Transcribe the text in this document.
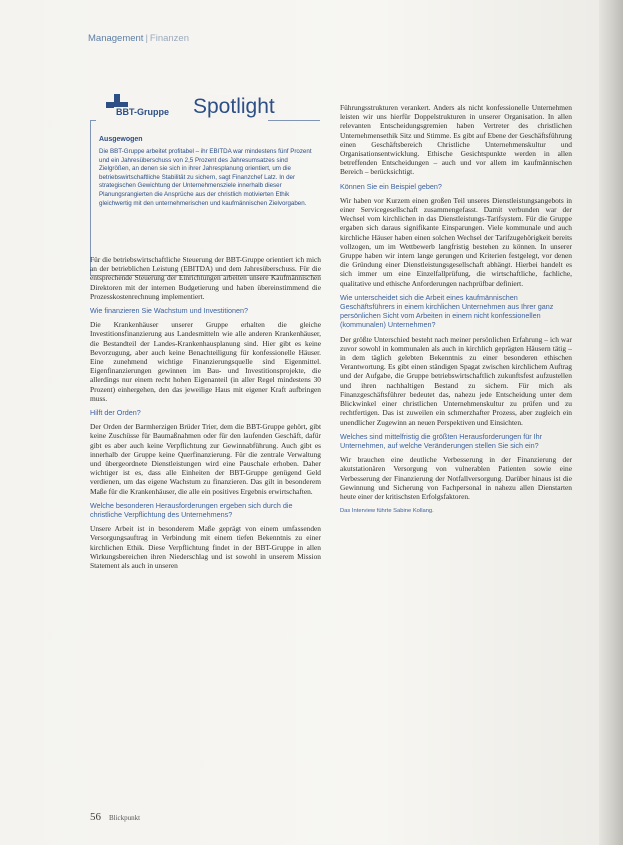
Management | Finanzen
BBT-Gruppe Spotlight
Ausgewogen
Die BBT-Gruppe arbeitet profitabel – ihr EBITDA war mindestens fünf Prozent und ein Jahresüberschuss von 2,5 Prozent des Jahresumsatzes sind Zielgrößen, an denen sie sich in ihrer Jahresplanung orientiert, um die betriebswirtschaftliche Stabilität zu sichern, sagt Finanzchef Latz. In der strategischen Gewichtung der Unternehmensziele innerhalb dieser Planungsrangierten die Ansprüche aus der christlich motivierten Ethik gleichwertig mit den unternehmerischen und kaufmännischen Zielvorgaben.

Für die betriebswirtschaftliche Steuerung der BBT-Gruppe orientiert ich mich an der betrieblichen Leistung (EBITDA) und dem Jahresüberschuss. Für die entsprechende Steuerung der Einrichtungen arbeiten unsere Kaufmännischen Direktoren mit der internen Budgetierung und haben übereinstimmend die Prozesskostenrechnung implementiert.

Wie finanzieren Sie Wachstum und Investitionen?

Die Krankenhäuser unserer Gruppe erhalten die gleiche Investitionsfinanzierung aus Landesmitteln wie alle anderen Krankenhäuser, die Bestandteil der Landes-Krankenhausplanung sind. Hier gibt es keine Bevorzugung, aber auch keine Benachteiligung für konfessionelle Häuser. Eine zunehmend wichtige Finanzierungsquelle sind Eigenmittel. Eigenfinanzierungen gewinnen im Bau- und Investitionsprojekte, die allerdings nur einem recht hohen Eigenanteil (in aller Regel mindestens 30 Prozent) einhergehen, den das jeweilige Haus mit eigener Kraft aufbringen muss.

Hilft der Orden?

Der Orden der Barmherzigen Brüder Trier, dem die BBT-Gruppe gehört, gibt keine Zuschüsse für Baumaßnahmen oder für den laufenden Geschäft, dafür gibt es aber auch keine Verpflichtung zur Gewinnabführung. Auch gibt es innerhalb der Gruppe keine Querfinanzierung. Für die zentrale Verwaltung und übergeordnete Dienstleistungen wird eine Pauschale erhoben. Daher wichtiger ist es, dass alle Einheiten der BBT-Gruppe genügend Geld verdienen, um das eigene Wachstum zu finanzieren. Das gilt in besonderem Maße für die Krankenhäuser, die alle ein positives Ergebnis erwirtschaften.

Welche besonderen Herausforderungen ergeben sich durch die christliche Verpflichtung des Unternehmens?

Unsere Arbeit ist in besonderem Maße geprägt von einem umfassenden Versorgungsauftrag in Verbindung mit einem tiefen Bekenntnis zu einer kirchlichen Ethik. Diese Verpflichtung findet in der BBT-Gruppe in allen Wirkungsbereichen ihren Niederschlag und ist sowohl in unserem Mission Statement als auch in unseren

Führungsstrukturen verankert. Anders als nicht konfessionelle Unternehmen leisten wir uns hierfür Doppelstrukturen in unserer Organisation. In allen relevanten Entscheidungsgremien haben Vertreter des christlichen Unternehmensethik Sitz und Stimme. Es gibt auf Ebene der Geschäftsführung einen Geschäftsbereich Christliche Unternehmenskultur und Organisationsentwicklung. Ethische Gesichtspunkte werden in allen betreffenden Entscheidungen – auch und vor allem im kaufmännischen Bereich – berücksichtigt.

Können Sie ein Beispiel geben?

Wir haben vor Kurzem einen großen Teil unseres Dienstleistungsangebots in einer Servicegesellschaft zusammengefasst. Damit verbunden war der Wechsel vom kirchlichen in das Dienstleistungs-Tarifsystem. Für die Gruppe ergaben sich daraus signifikante Einsparungen. Viele kommunale und auch kirchliche Häuser haben einen solchen Wechsel der Tarifzugehörigkeit bereits vollzogen, um im Wettbewerb langfristig bestehen zu können. In unserer Gruppe haben wir intern lange gerungen und Kriterien festgelegt, vor denen die Gründung einer Dienstleistungsgesellschaft abhängt. Hierbei handelt es sich immer um eine Einzelfallprüfung, die wirtschaftliche, fachliche, qualitative und ethische Anforderungen nachprüfbar definiert.

Wie unterscheidet sich die Arbeit eines kaufmännischen Geschäftsführers in einem kirchlichen Unternehmen aus Ihrer ganz persönlichen Sicht vom Arbeiten in einem nicht konfessionellen (kommunalen) Unternehmen?

Der größte Unterschied besteht nach meiner persönlichen Erfahrung – ich war zuvor sowohl in kommunalen als auch in kirchlich geprägten Häusern tätig – in dem täglich gelebten Bekenntnis zu einer besonderen ethischen Verantwortung. Es gibt einen ständigen Spagat zwischen kirchlichem Auftrag und der Aufgabe, die Gruppe betriebswirtschaftlich zukunftsfest aufzustellen und ihren nachhaltigen Bestand zu sichern. Für mich als Finanzgeschäftsführer bedeutet das, nahezu jede Entscheidung unter dem Blickwinkel einer christlichen Unternehmenskultur zu prüfen und zu rechtfertigen. Das ist zuweilen ein schmerzhafter Prozess, aber zugleich ein unendlicher Zugewinn an neuen Perspektiven und Einsichten.

Welches sind mittelfristig die größten Herausforderungen für Ihr Unternehmen, auf welche Veränderungen stellen Sie sich ein?

Wir brauchen eine deutliche Verbesserung in der Finanzierung der akutstationären Versorgung von vulnerablen Patienten sowie eine Verbesserung der Finanzierung der Notfallversorgung. Darüber hinaus ist die Gewinnung und Sicherung von Fachpersonal in nahezu allen Dienstarten heute einer der kritischsten Erfolgsfaktoren.

Das Interview führte Sabine Kollang.
56 Blickpunkt
